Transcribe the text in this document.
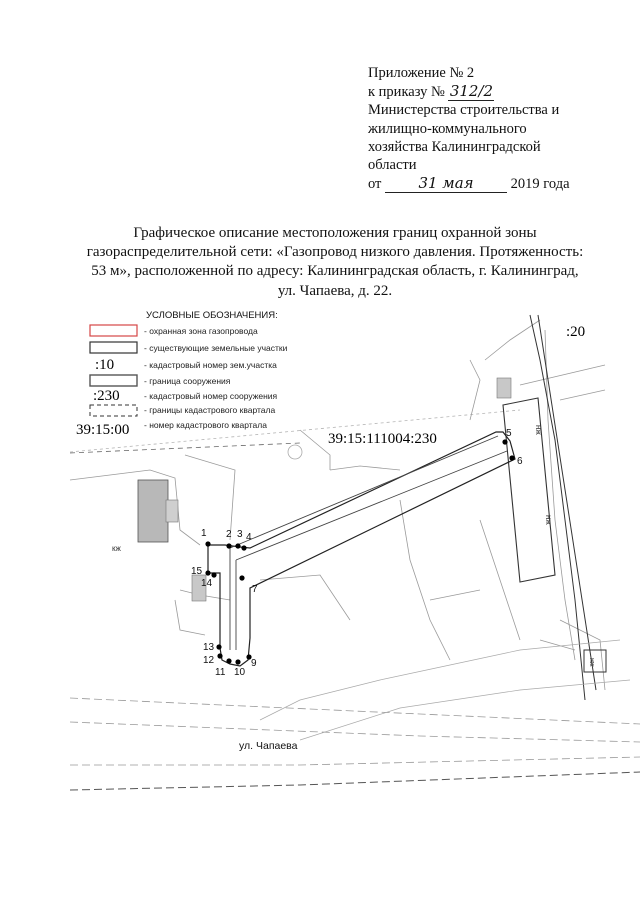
Приложение № 2
к приказу № 312/2
Министерства строительства и
жилищно-коммунального
хозяйства Калининградской
области
от 31 мая	2019 года
Графическое описание местоположения границ охранной зоны
газораспределительной сети: «Газопровод низкого давления. Протяженность:
53 м», расположенной по адресу: Калининградская область, г. Калининград,
ул. Чапаева, д. 22.
УСЛОВНЫЕ ОБОЗНАЧЕНИЯ:
- охранная зона газопровода
- существующие земельные участки
:10	- кадастровый номер зем.участка
- граница сооружения
:230	- кадастровый номер сооружения
- границы кадастрового квартала
39:15:00 - номер кадастрового квартала	нж
нж
нж
кж
ул. Чапаева
:20
39:15:111004:230
1 2 3 4
5
6
7
9
10
11
12
13
14
15
